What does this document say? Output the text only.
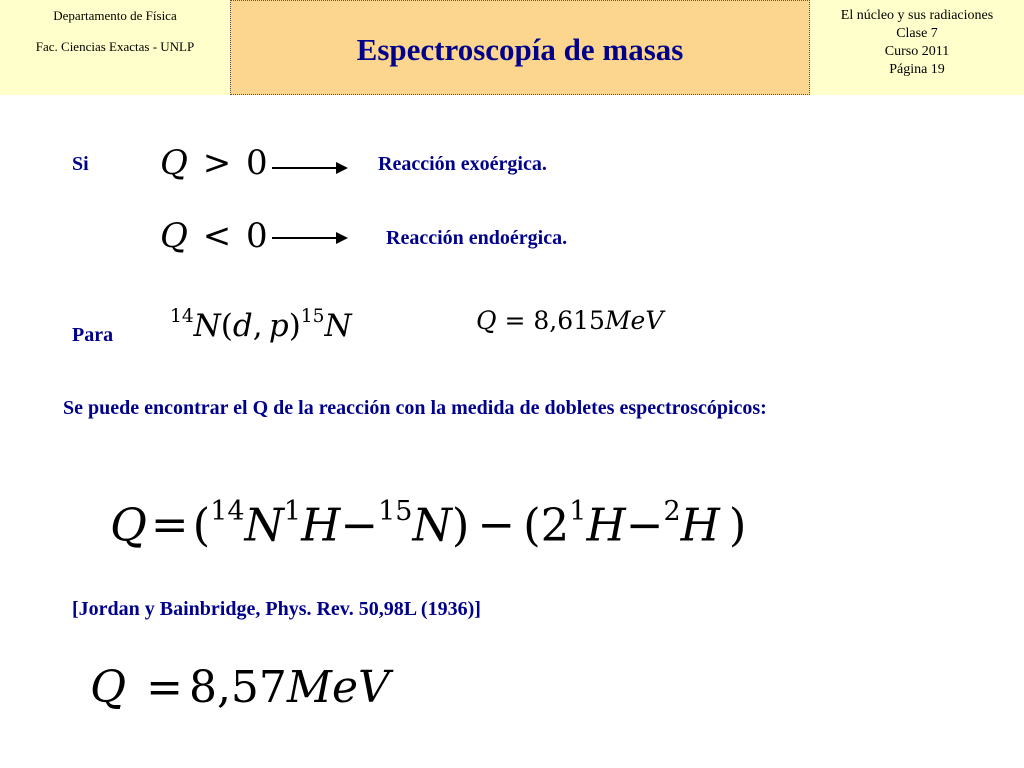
Departamento de Física
Fac. Ciencias Exactas - UNLP	Espectroscopía de masas
El núcleo y sus radiaciones
Clase 7
Curso 2011
Página 19
Si Q > 0	Reacción exoérgica.
Q < 0	Reacción endoérgica.
Para
$^{14}$N(d,  p)$^{15}$N	Q = 8,615MeV
Se puede encontrar el Q de la reacción con la medida de dobletes espectroscópicos:
$Q=(^{14}N^1H-^{15}N) - (2^1H-^2H$  )
[Jordan y Bainbridge, Phys. Rev. 50,98L (1936)]
Q = 8,57MeV
